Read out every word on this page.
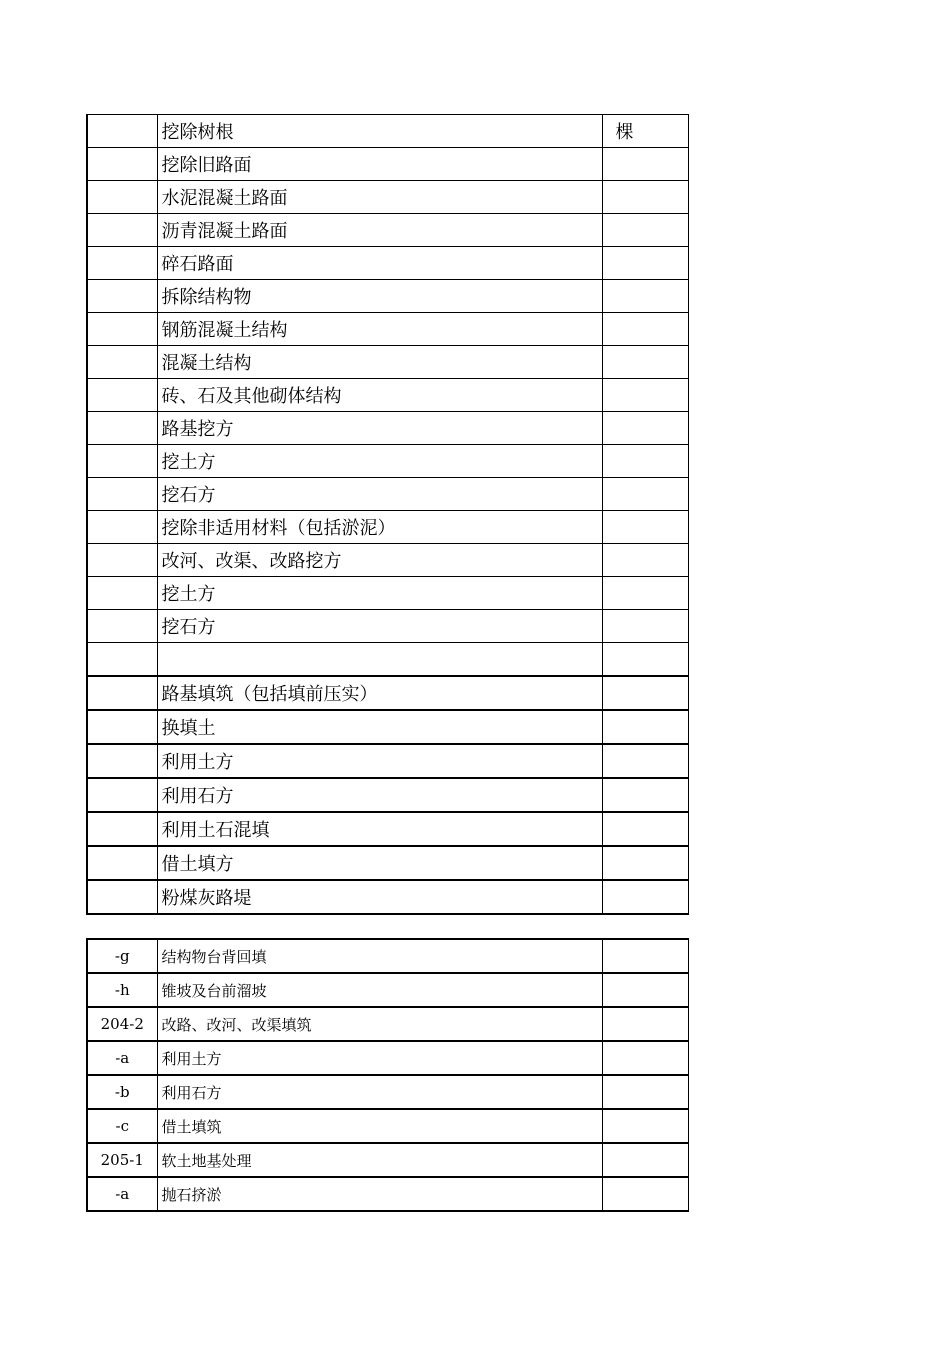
	挖除树根	棵
	挖除旧路面	
	水泥混凝土路面	
	沥青混凝土路面	
	碎石路面	
	拆除结构物	
	钢筋混凝土结构	
	混凝土结构	
	砖、石及其他砌体结构	
	路基挖方	
	挖土方	
	挖石方	
	挖除非适用材料（包括淤泥）	
	改河、改渠、改路挖方	
	挖土方	
	挖石方	

	路基填筑（包括填前压实）	
	换填土	
	利用土方	
	利用石方	
	利用土石混填	
	借土填方	
	粉煤灰路堤	
-g	结构物台背回填	
-h	锥坡及台前溜坡	
204-2	改路、改河、改渠填筑	
-a	利用土方	
-b	利用石方	
-c	借土填筑	
205-1	软土地基处理	
-a	抛石挤淤	
